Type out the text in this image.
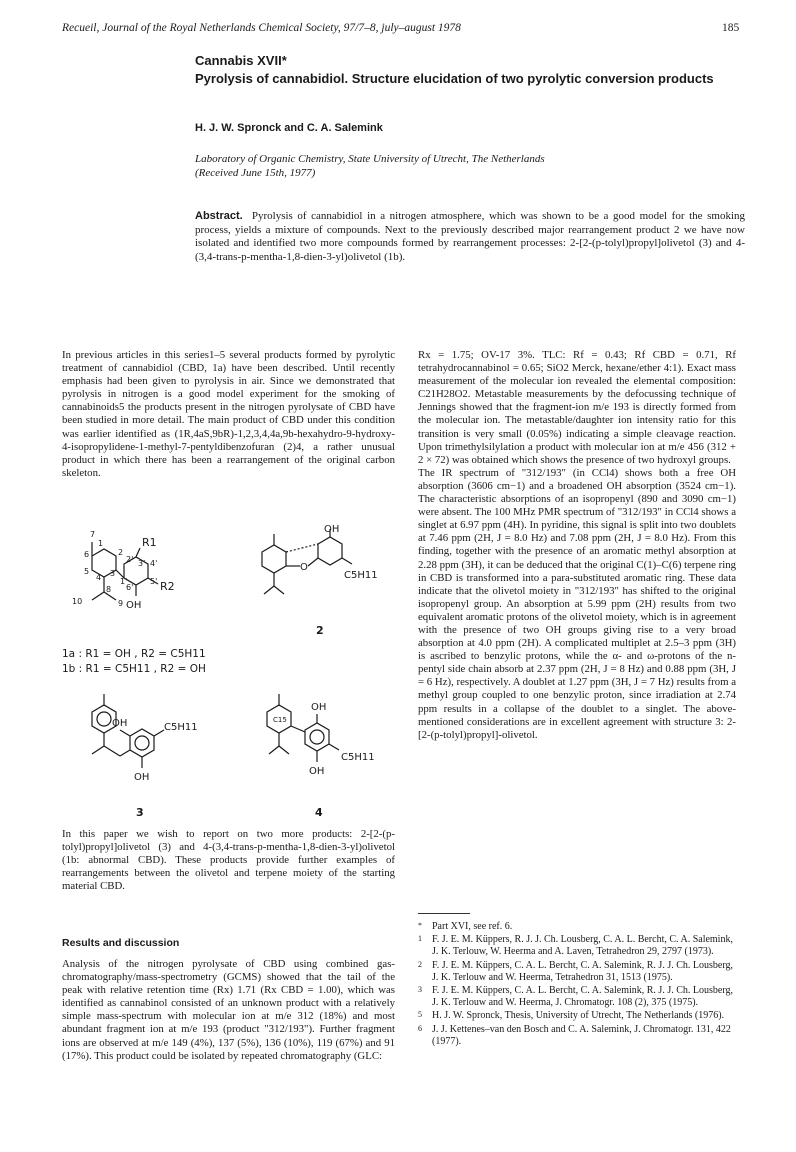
Recueil, Journal of the Royal Netherlands Chemical Society, 97/7–8, july–august 1978	185
Cannabis XVII*
Pyrolysis of cannabidiol. Structure elucidation of two pyrolytic conversion products
H. J. W. Spronck and C. A. Salemink
Laboratory of Organic Chemistry, State University of Utrecht, The Netherlands
(Received June 15th, 1977)
Abstract. Pyrolysis of cannabidiol in a nitrogen atmosphere, which was shown to be a good model for the smoking process, yields a mixture of compounds. Next to the previously described major rearrangement product 2 we have now isolated and identified two more compounds formed by rearrangement processes: 2-[2-(p-tolyl)propyl]olivetol (3) and 4-(3,4-trans-p-mentha-1,8-dien-3-yl)olivetol (1b).

In previous articles in this series1–5 several products formed by pyrolytic treatment of cannabidiol (CBD, 1a) have been described. Until recently emphasis had been given to pyrolysis in air. Since we demonstrated that pyrolysis in nitrogen is a good model experiment for the smoking of cannabinoids5 the products present in the nitrogen pyrolysate of CBD have been studied in more detail. The main product of CBD under this condition was earlier identified as (1R,4aS,9bR)-1,2,3,4,4a,9b-hexahydro-9-hydroxy-4-isopropylidene-1-methyl-7-pentyldibenzofuran (2)4, a rather unusual product in which there has been a rearrangement of the original carbon skeleton.

7
6
1
2
3
4
5
8
9
10
1'
2' 3' 4'
5'
6'
R1
R2
OH
OH
O
C5H11
2
1a : R1 = OH , R2 = C5H11
1b : R1 = C5H11 , R2 = OH
OH	C5H11
OH
3
C15
OH
C5H11
OH
4

In this paper we wish to report on two more products: 2-[2-(p-tolyl)propyl]olivetol (3) and 4-(3,4-trans-p-mentha-1,8-dien-3-yl)olivetol (1b: abnormal CBD). These products provide further examples of rearrangements between the olivetol and terpene moiety of the starting material CBD.

Results and discussion

Analysis of the nitrogen pyrolysate of CBD using combined gas-chromatography/mass-spectrometry (GCMS) showed that the tail of the peak with relative retention time (Rx) 1.71 (Rx CBD = 1.00), which was identified as cannabinol consisted of an unknown product with a relatively simple mass-spectrum with molecular ion at m/e 312 (18%) and most abundant fragment ion at m/e 193 (product "312/193"). Further fragment ions are observed at m/e 149 (4%), 137 (5%), 136 (10%), 119 (67%) and 91 (17%). This product could be isolated by repeated chromatography (GLC:

Rx = 1.75; OV-17 3%. TLC: Rf = 0.43; Rf CBD = 0.71, Rf tetrahydrocannabinol = 0.65; SiO2 Merck, hexane/ether 4:1). Exact mass measurement of the molecular ion revealed the elemental composition: C21H28O2. Metastable measurements by the defocussing technique of Jennings showed that the fragment-ion m/e 193 is directly formed from the molecular ion. The metastable/daughter ion intensity ratio for this transition is very small (0.05%) indicating a simple cleavage reaction. Upon trimethylsilylation a product with molecular ion at m/e 456 (312 + 2 × 72) was obtained which shows the presence of two hydroxyl groups.

The IR spectrum of "312/193" (in CCl4) shows both a free OH absorption (3606 cm−1) and a broadened OH absorption (3524 cm−1). The characteristic absorptions of an isopropenyl (890 and 3090 cm−1) were absent. The 100 MHz PMR spectrum of "312/193" in CCl4 shows a singlet at 6.97 ppm (4H). In pyridine, this signal is split into two doublets at 7.46 ppm (2H, J = 8.0 Hz) and 7.08 ppm (2H, J = 8.0 Hz). From this finding, together with the presence of an aromatic methyl absorption at 2.28 ppm (3H), it can be deduced that the original C(1)–C(6) terpene ring in CBD is transformed into a para-substituted aromatic ring. These data indicate that the olivetol moiety in "312/193" has shifted to the original isopropenyl group. An absorption at 5.99 ppm (2H) results from two equivalent aromatic protons of the olivetol moiety, which is in agreement with the presence of two OH groups giving rise to a very broad absorption at 4.0 ppm (2H). A complicated multiplet at 2.5–3 ppm (3H) is ascribed to benzylic protons, while the α- and ω-protons of the n-pentyl side chain absorb at 2.37 ppm (2H, J = 8 Hz) and 0.88 ppm (3H, J = 6 Hz), respectively. A doublet at 1.27 ppm (3H, J = 7 Hz) results from a methyl group coupled to one benzylic proton, since irradiation at 2.74 ppm results in a collapse of the doublet to a singlet. The above-mentioned considerations are in excellent agreement with structure 3: 2-[2-(p-tolyl)propyl]-olivetol.

* Part XVI, see ref. 6.
1 F. J. E. M. Küppers, R. J. J. Ch. Lousberg, C. A. L. Bercht, C. A. Salemink, J. K. Terlouw, W. Heerma and A. Laven, Tetrahedron 29, 2797 (1973).
2 F. J. E. M. Küppers, C. A. L. Bercht, C. A. Salemink, R. J. J. Ch. Lousberg, J. K. Terlouw and W. Heerma, Tetrahedron 31, 1513 (1975).
3 F. J. E. M. Küppers, C. A. L. Bercht, C. A. Salemink, R. J. J. Ch. Lousberg, J. K. Terlouw and W. Heerma, J. Chromatogr. 108 (2), 375 (1975).
5 H. J. W. Spronck, Thesis, University of Utrecht, The Netherlands (1976).
6 J. J. Kettenes–van den Bosch and C. A. Salemink, J. Chromatogr. 131, 422 (1977).
